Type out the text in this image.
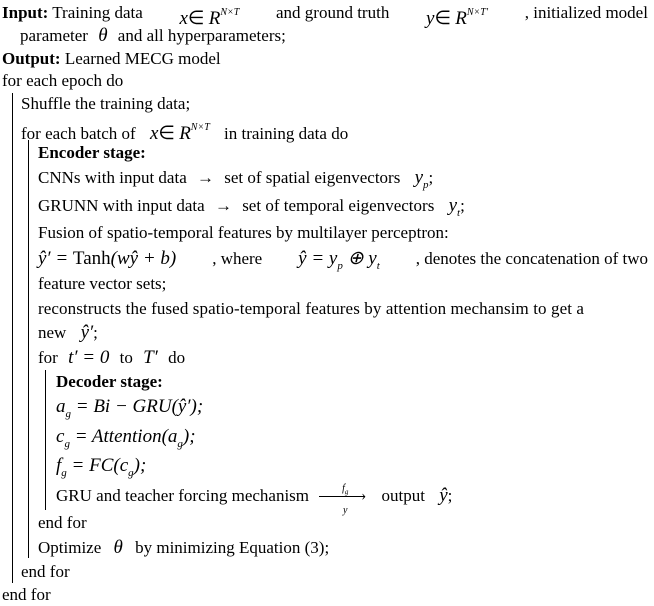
Input: Training data x∈ $R^{N\times T}$ and ground truth y∈ $R^{N\times T'}$ , initialized model
parameter θ and all hyperparameters;
Output: Learned MECG model
for each epoch do
Shuffle the training data;
for each batch of x∈ $R^{N\times T}$ in training data do
Encoder stage:
CNNs with input data → set of spatial eigenvectors $y_p$;
GRUNN with input data → set of temporal eigenvectors $y_t$;
Fusion of spatio-temporal features by multilayer perceptron:
ŷ′ = Tanh(wŷ + b) , where ŷ = $y_p$ ⊕ $y_t$ , denotes the concatenation of two
feature vector sets;
reconstructs the fused spatio-temporal features by attention mechansim to get a
new ŷ′;
for t′ = 0 to T′ do
Decoder stage:
$a_g = Bi$ − GRU(ŷ′);
$c_g$ = $Attention(a_g)$;
$f_g = FC(c_g)$;
GRU and teacher forcing mechanism	$f_g$ ›
y
output ŷ;
end for
Optimize θ by minimizing Equation (3);
end for
end for
